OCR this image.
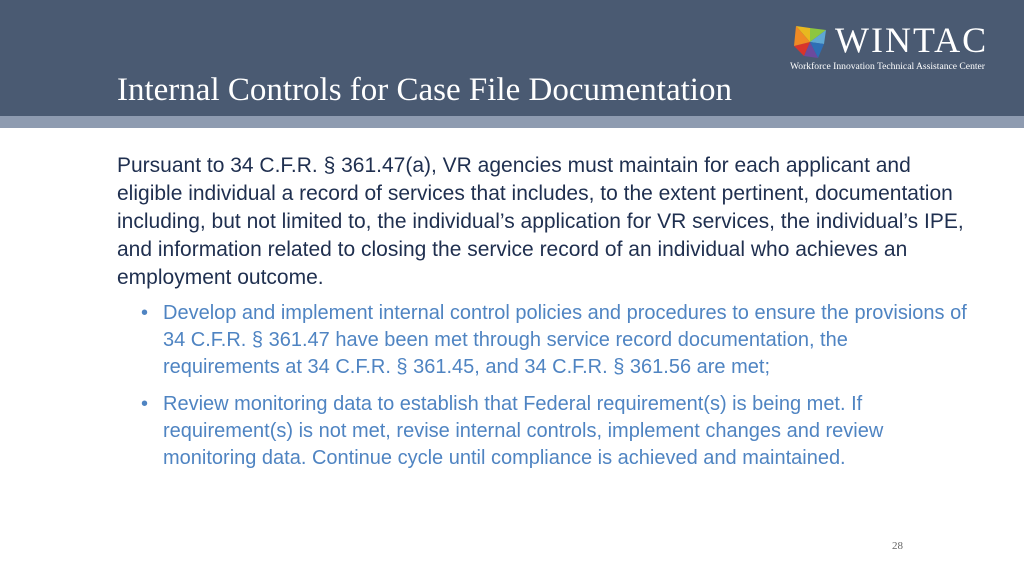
Internal Controls for Case File Documentation
WINTAC
Workforce Innovation Technical Assistance Center

Pursuant to 34 C.F.R. § 361.47(a), VR agencies must maintain for each applicant and eligible individual a record of services that includes, to the extent pertinent, documentation including, but not limited to, the individual’s application for VR services, the individual’s IPE, and information related to closing the service record of an individual who achieves an employment outcome.

• Develop and implement internal control policies and procedures to ensure the provisions of 34 C.F.R. § 361.47 have been met through service record documentation, the requirements at 34 C.F.R. § 361.45, and 34 C.F.R. § 361.56 are met;
• Review monitoring data to establish that Federal requirement(s) is being met. If requirement(s) is not met, revise internal controls, implement changes and review monitoring data. Continue cycle until compliance is achieved and maintained.
28
